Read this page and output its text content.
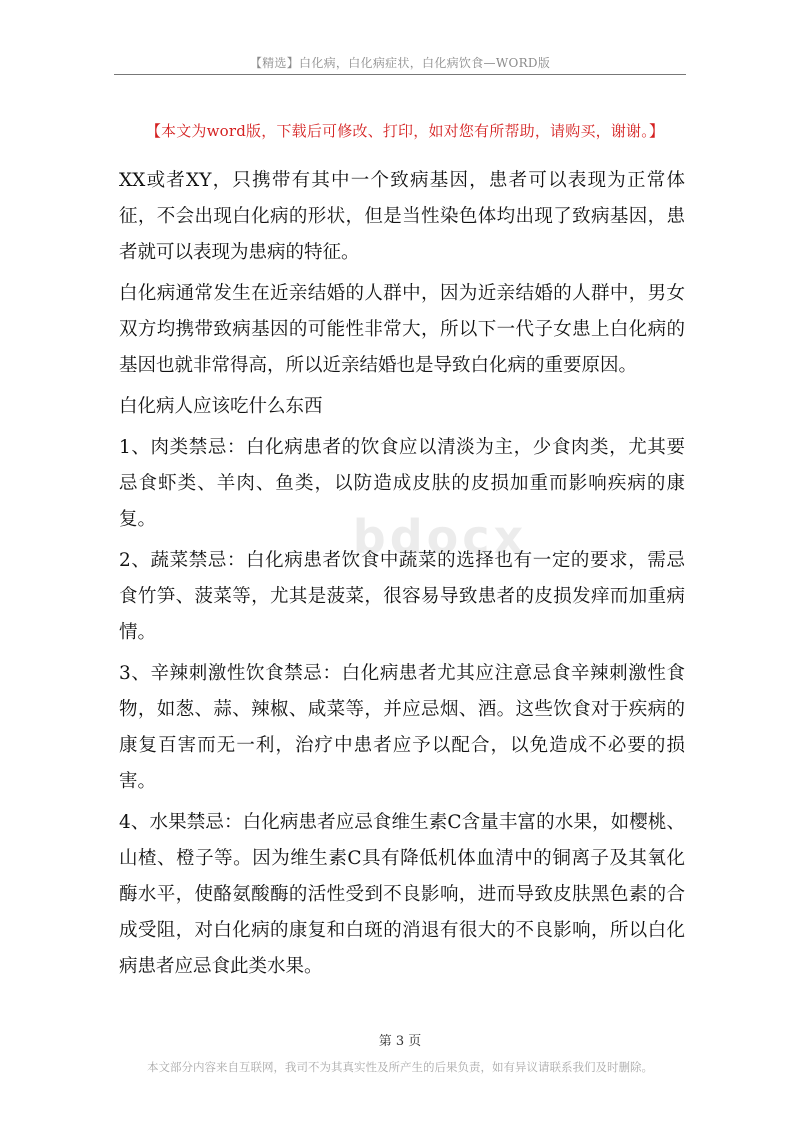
【精选】白化病，白化病症状，白化病饮食—WORD版
【本文为word版，下载后可修改、打印，如对您有所帮助，请购买，谢谢。】
bdocx

XX或者XY，只携带有其中一个致病基因，患者可以表现为正常体征，不会出现白化病的形状，但是当性染色体均出现了致病基因，患者就可以表现为患病的特征。

白化病通常发生在近亲结婚的人群中，因为近亲结婚的人群中，男女双方均携带致病基因的可能性非常大，所以下一代子女患上白化病的基因也就非常得高，所以近亲结婚也是导致白化病的重要原因。

白化病人应该吃什么东西

1、肉类禁忌：白化病患者的饮食应以清淡为主，少食肉类，尤其要忌食虾类、羊肉、鱼类，以防造成皮肤的皮损加重而影响疾病的康复。

2、蔬菜禁忌：白化病患者饮食中蔬菜的选择也有一定的要求，需忌食竹笋、菠菜等，尤其是菠菜，很容易导致患者的皮损发痒而加重病情。

3、辛辣刺激性饮食禁忌：白化病患者尤其应注意忌食辛辣刺激性食物，如葱、蒜、辣椒、咸菜等，并应忌烟、酒。这些饮食对于疾病的康复百害而无一利，治疗中患者应予以配合，以免造成不必要的损害。

4、水果禁忌：白化病患者应忌食维生素C含量丰富的水果，如樱桃、山楂、橙子等。因为维生素C具有降低机体血清中的铜离子及其氧化酶水平，使酪氨酸酶的活性受到不良影响，进而导致皮肤黑色素的合成受阻，对白化病的康复和白斑的消退有很大的不良影响，所以白化病患者应忌食此类水果。

第 3 页
本文部分内容来自互联网，我司不为其真实性及所产生的后果负责，如有异议请联系我们及时删除。
